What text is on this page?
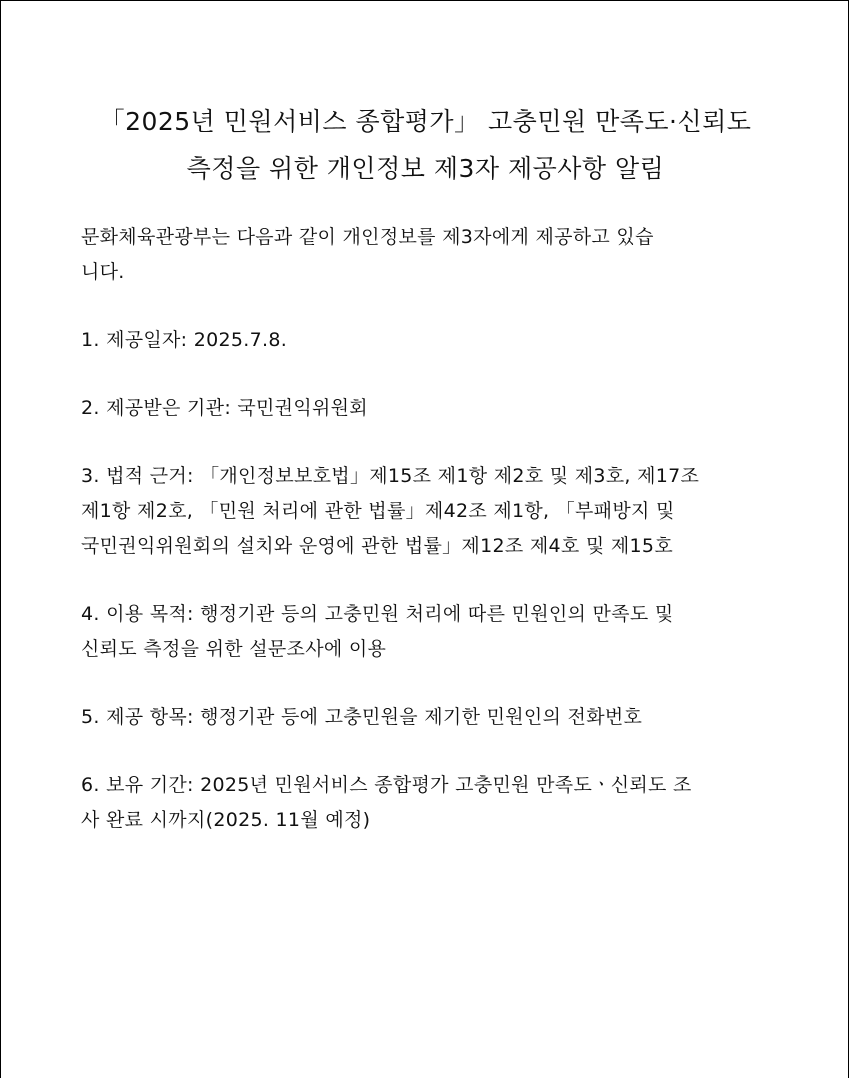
「2025년 민원서비스 종합평가」 고충민원 만족도·신뢰도
측정을 위한 개인정보 제3자 제공사항 알림

문화체육관광부는 다음과 같이 개인정보를 제3자에게 제공하고 있습
니다.

1. 제공일자: 2025.7.8.

2. 제공받은 기관: 국민권익위원회

3. 법적 근거: 「개인정보보호법」제15조 제1항 제2호 및 제3호, 제17조
제1항 제2호, 「민원 처리에 관한 법률」제42조 제1항, 「부패방지 및
국민권익위원회의 설치와 운영에 관한 법률」제12조 제4호 및 제15호

4. 이용 목적: 행정기관 등의 고충민원 처리에 따른 민원인의 만족도 및
신뢰도 측정을 위한 설문조사에 이용

5. 제공 항목: 행정기관 등에 고충민원을 제기한 민원인의 전화번호

6. 보유 기간: 2025년 민원서비스 종합평가 고충민원 만족도ㆍ신뢰도 조
사 완료 시까지(2025. 11월 예정)
